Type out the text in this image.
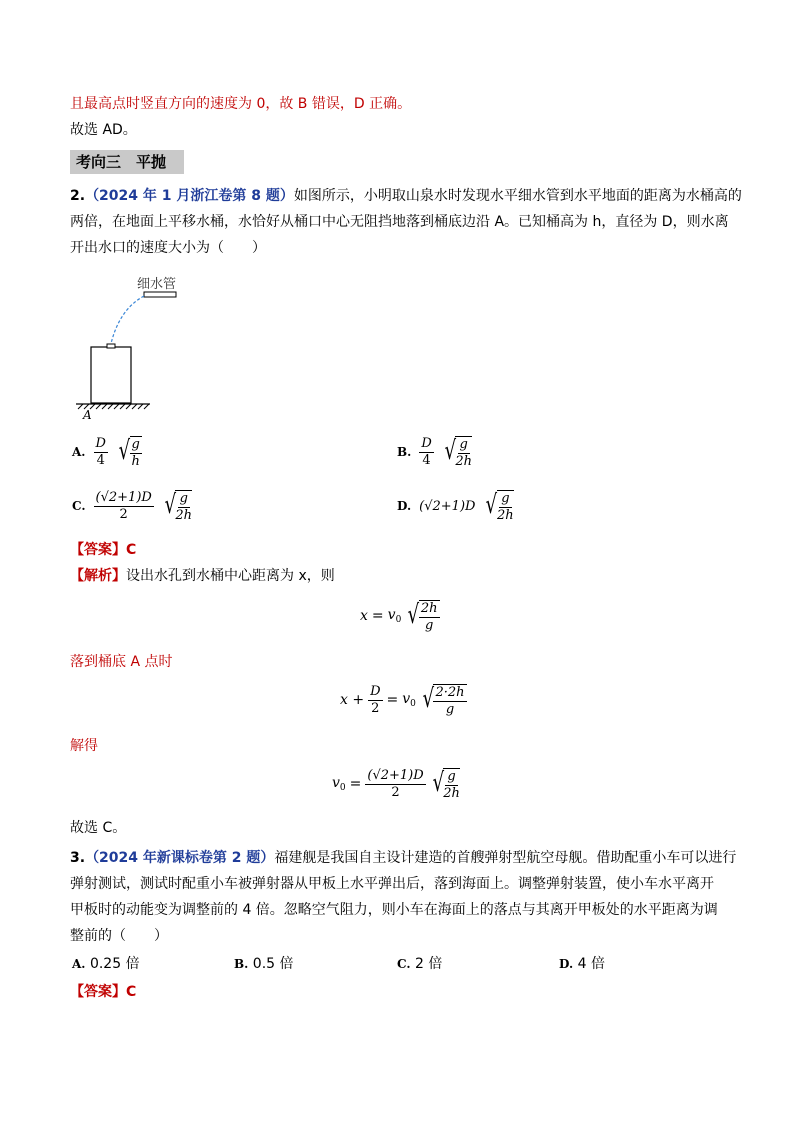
且最高点时竖直方向的速度为 0，故 B 错误，D 正确。
故选 AD。
考向三　平抛
2.（2024 年 1 月浙江卷第 8 题）如图所示，小明取山泉水时发现水平细水管到水平地面的距离为水桶高的
两倍，在地面上平移水桶，水恰好从桶口中心无阻挡地落到桶底边沿 A。已知桶高为 h，直径为 D，则水离
开出水口的速度大小为（　　）
细水管
A
A. $\frac{D}{4}$ √ $\frac{g}{h}$	B. $\frac{D}{4}$ √ $\frac{g}{2h}$
C. $\frac{(√2+1)D}{2}$ √ $\frac{g}{2h}$	D. (√2+1)D √ $\frac{g}{2h}$
【答案】C
【解析】设出水孔到水桶中心距离为 x，则
$x = v_0$ √ $\frac{2h}{g}$
落到桶底 A 点时
$x + \frac{D}{2} = v_0$ √ $\frac{2\cdot 2h}{g}$
解得
$v_0 = \frac{(√2+1)D}{2}$ √ $\frac{g}{2h}$
故选 C。
3.（2024 年新课标卷第 2 题）福建舰是我国自主设计建造的首艘弹射型航空母舰。借助配重小车可以进行
弹射测试，测试时配重小车被弹射器从甲板上水平弹出后，落到海面上。调整弹射装置，使小车水平离开
甲板时的动能变为调整前的 4 倍。忽略空气阻力，则小车在海面上的落点与其离开甲板处的水平距离为调
整前的（　　）
A. 0.25 倍	B. 0.5 倍	C. 2 倍	D. 4 倍
【答案】C
